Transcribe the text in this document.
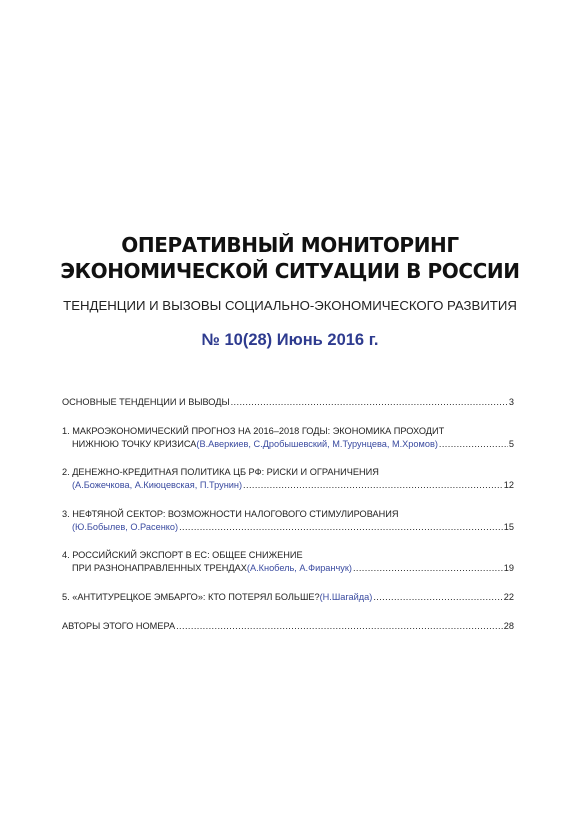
ОПЕРАТИВНЫЙ МОНИТОРИНГ
ЭКОНОМИЧЕСКОЙ СИТУАЦИИ В РОССИИ
ТЕНДЕНЦИИ И ВЫЗОВЫ СОЦИАЛЬНО-ЭКОНОМИЧЕСКОГО РАЗВИТИЯ
№ 10(28) Июнь 2016 г.
ОСНОВНЫЕ ТЕНДЕНЦИИ И ВЫВОДЫ .....	3
1. МАКРОЭКОНОМИЧЕСКИЙ ПРОГНОЗ НА 2016–2018 ГОДЫ: ЭКОНОМИКА ПРОХОДИТ
НИЖНЮЮ ТОЧКУ КРИЗИСА (В.Аверкиев, С.Дробышевский, М.Турунцева, М.Хромов) .....	5
2. ДЕНЕЖНО-КРЕДИТНАЯ ПОЛИТИКА ЦБ РФ: РИСКИ И ОГРАНИЧЕНИЯ
(А.Божечкова, А.Киюцевская, П.Трунин) .....	12
3. НЕФТЯНОЙ СЕКТОР: ВОЗМОЖНОСТИ НАЛОГОВОГО СТИМУЛИРОВАНИЯ
(Ю.Бобылев, О.Расенко) .....	15
4. РОССИЙСКИЙ ЭКСПОРТ В ЕС: ОБЩЕЕ СНИЖЕНИЕ
ПРИ РАЗНОНАПРАВЛЕННЫХ ТРЕНДАХ (А.Кнобель, А.Фиранчук) .....	19
5. «АНТИТУРЕЦКОЕ ЭМБАРГО»: КТО ПОТЕРЯЛ БОЛЬШЕ? (Н.Шагайда) .....	22
АВТОРЫ ЭТОГО НОМЕРА .....	28
